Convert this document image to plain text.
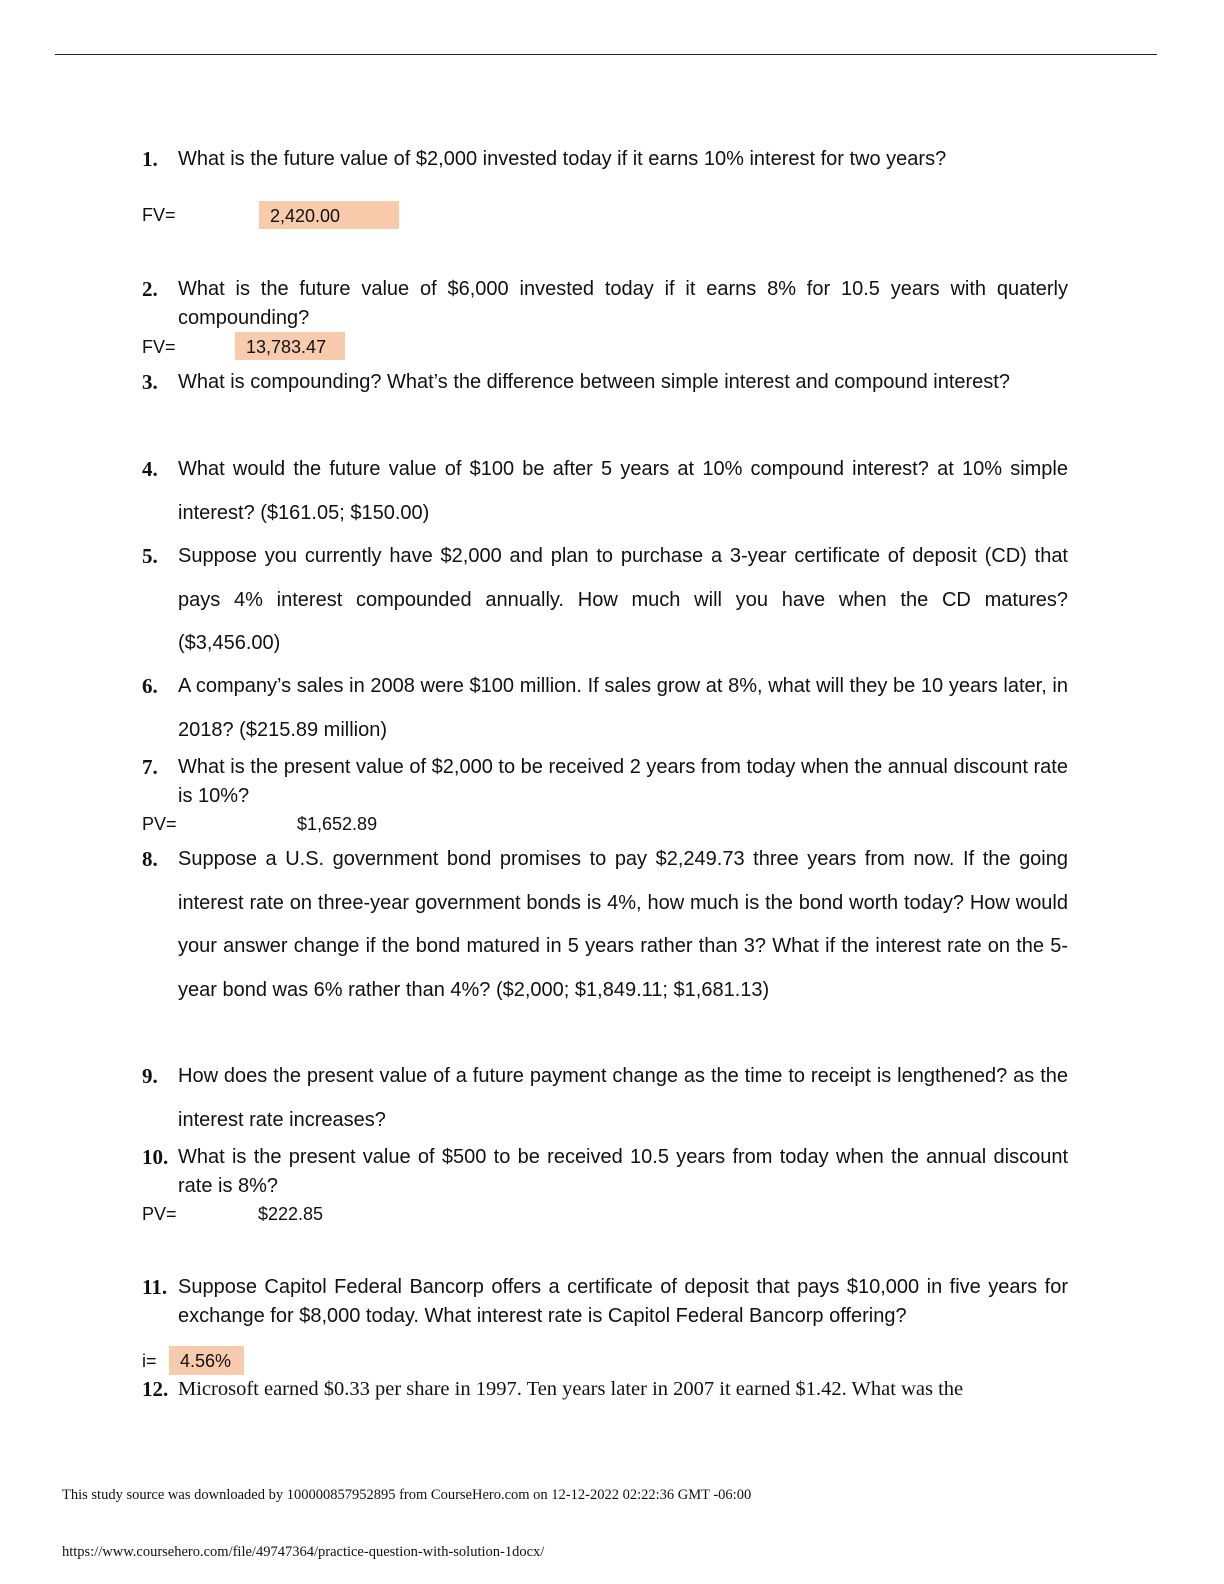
1. What is the future value of $2,000 invested today if it earns 10% interest for two years?
FV=	2,420.00
2. What is the future value of $6,000 invested today if it earns 8% for 10.5 years with quaterly compounding?
FV=	13,783.47
3. What is compounding? What’s the difference between simple interest and compound interest?
4. What would the future value of $100 be after 5 years at 10% compound interest? at 10% simple interest? ($161.05; $150.00)
5. Suppose you currently have $2,000 and plan to purchase a 3-year certificate of deposit (CD) that pays 4% interest compounded annually. How much will you have when the CD matures? ($3,456.00)
6. A company’s sales in 2008 were $100 million. If sales grow at 8%, what will they be 10 years later, in 2018? ($215.89 million)
7. What is the present value of $2,000 to be received 2 years from today when the annual discount rate is 10%?
PV=	$1,652.89
8. Suppose a U.S. government bond promises to pay $2,249.73 three years from now. If the going interest rate on three-year government bonds is 4%, how much is the bond worth today? How would your answer change if the bond matured in 5 years rather than 3? What if the interest rate on the 5-year bond was 6% rather than 4%? ($2,000; $1,849.11; $1,681.13)
9. How does the present value of a future payment change as the time to receipt is lengthened? as the interest rate increases?
10. What is the present value of $500 to be received 10.5 years from today when the annual discount rate is 8%?
PV=	$222.85
11. Suppose Capitol Federal Bancorp offers a certificate of deposit that pays $10,000 in five years for exchange for $8,000 today. What interest rate is Capitol Federal Bancorp offering?
i=	4.56%
12. Microsoft earned $0.33 per share in 1997. Ten years later in 2007 it earned $1.42. What was the
This study source was downloaded by 100000857952895 from CourseHero.com on 12-12-2022 02:22:36 GMT -06:00
https://www.coursehero.com/file/49747364/practice-question-with-solution-1docx/
